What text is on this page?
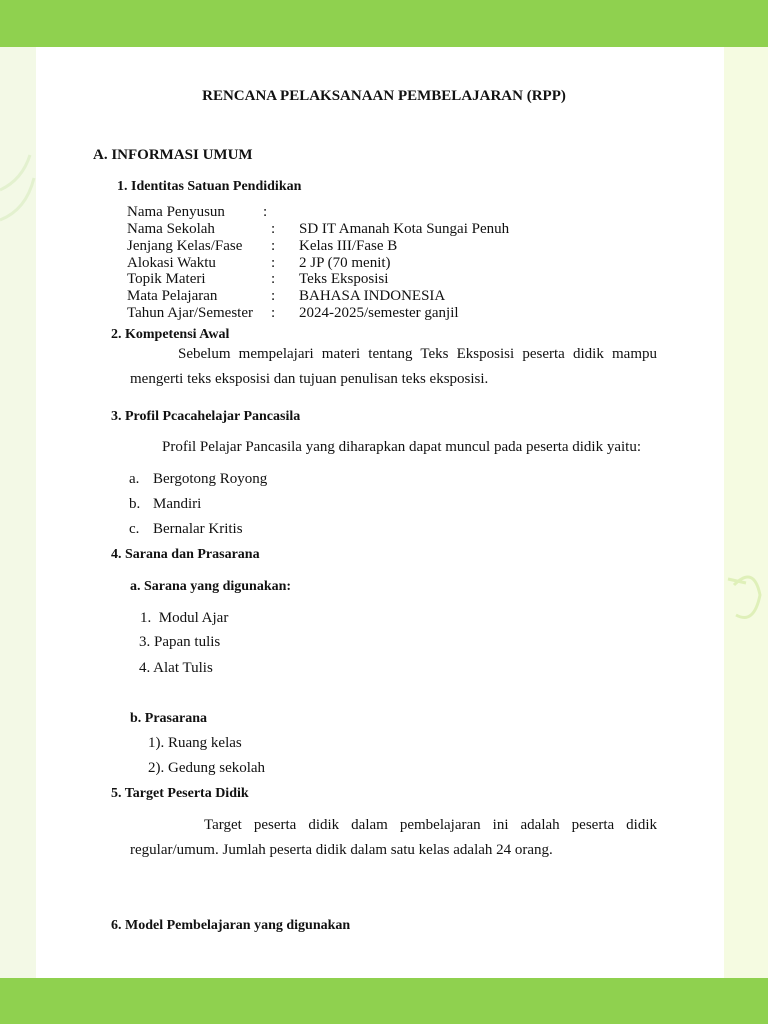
RENCANA PELAKSANAAN PEMBELAJARAN (RPP)
A. INFORMASI UMUM
1. Identitas Satuan Pendidikan
Nama Penyusun	:
Nama Sekolah	: SD IT Amanah Kota Sungai Penuh
Jenjang Kelas/Fase : Kelas III/Fase B
Alokasi Waktu	: 2 JP (70 menit)
Topik Materi	: Teks Eksposisi
Mata Pelajaran	: BAHASA INDONESIA
Tahun Ajar/Semester : 2024-2025/semester ganjil
2. Kompetensi Awal
Sebelum mempelajari materi tentang Teks Eksposisi peserta didik mampu
mengerti teks eksposisi dan tujuan penulisan teks eksposisi.
3. Profil Pcacahelajar Pancasila
Profil Pelajar Pancasila yang diharapkan dapat muncul pada peserta didik yaitu:
a. Bergotong Royong
b. Mandiri
c. Bernalar Kritis
4. Sarana dan Prasarana
a. Sarana yang digunakan:
1.  Modul Ajar
3. Papan tulis
4. Alat Tulis
b. Prasarana
1). Ruang kelas
2). Gedung sekolah
5. Target Peserta Didik
Target peserta didik dalam pembelajaran ini adalah peserta didik
regular/umum. Jumlah peserta didik dalam satu kelas adalah 24 orang.
6. Model Pembelajaran yang digunakan
